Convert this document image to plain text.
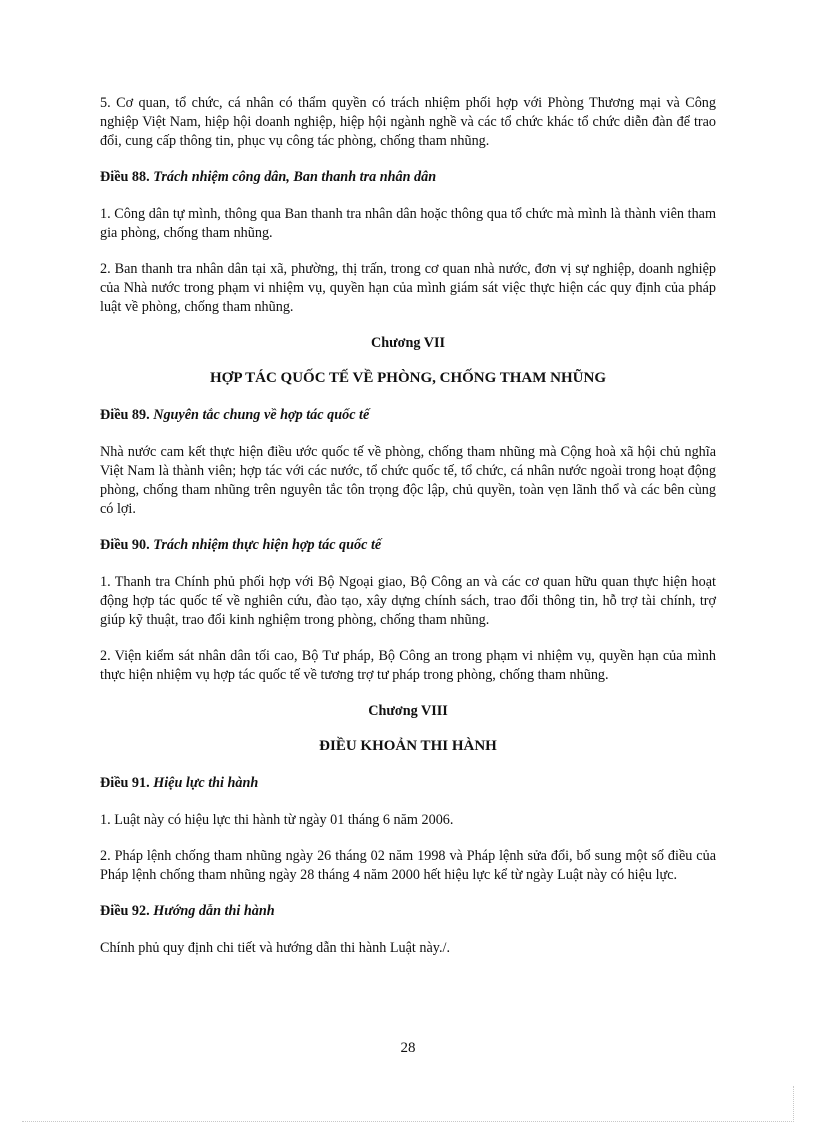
5. Cơ quan, tổ chức, cá nhân có thẩm quyền có trách nhiệm phối hợp với Phòng Thương mại và Công nghiệp Việt Nam, hiệp hội doanh nghiệp, hiệp hội ngành nghề và các tổ chức khác tổ chức diễn đàn để trao đổi, cung cấp thông tin, phục vụ công tác phòng, chống tham nhũng.

Điều 88. Trách nhiệm công dân, Ban thanh tra nhân dân

1. Công dân tự mình, thông qua Ban thanh tra nhân dân hoặc thông qua tổ chức mà mình là thành viên tham gia phòng, chống tham nhũng.

2. Ban thanh tra nhân dân tại xã, phường, thị trấn, trong cơ quan nhà nước, đơn vị sự nghiệp, doanh nghiệp của Nhà nước trong phạm vi nhiệm vụ, quyền hạn của mình giám sát việc thực hiện các quy định của pháp luật về phòng, chống tham nhũng.

Chương VII

HỢP TÁC QUỐC TẾ VỀ PHÒNG, CHỐNG THAM NHŨNG

Điều 89. Nguyên tắc chung về hợp tác quốc tế

Nhà nước cam kết thực hiện điều ước quốc tế về phòng, chống tham nhũng mà Cộng hoà xã hội chủ nghĩa Việt Nam là thành viên; hợp tác với các nước, tổ chức quốc tế, tổ chức, cá nhân nước ngoài trong hoạt động phòng, chống tham nhũng trên nguyên tắc tôn trọng độc lập, chủ quyền, toàn vẹn lãnh thổ và các bên cùng có lợi.

Điều 90. Trách nhiệm thực hiện hợp tác quốc tế

1. Thanh tra Chính phủ phối hợp với Bộ Ngoại giao, Bộ Công an và các cơ quan hữu quan thực hiện hoạt động hợp tác quốc tế về nghiên cứu, đào tạo, xây dựng chính sách, trao đổi thông tin, hỗ trợ tài chính, trợ giúp kỹ thuật, trao đổi kinh nghiệm trong phòng, chống tham nhũng.

2. Viện kiểm sát nhân dân tối cao, Bộ Tư pháp, Bộ Công an trong phạm vi nhiệm vụ, quyền hạn của mình thực hiện nhiệm vụ hợp tác quốc tế về tương trợ tư pháp trong phòng, chống tham nhũng.

Chương VIII

ĐIỀU KHOẢN THI HÀNH

Điều 91. Hiệu lực thi hành

1. Luật này có hiệu lực thi hành từ ngày 01 tháng 6 năm 2006.

2. Pháp lệnh chống tham nhũng ngày 26 tháng 02 năm 1998 và Pháp lệnh sửa đổi, bổ sung một số điều của Pháp lệnh chống tham nhũng ngày 28 tháng 4 năm 2000 hết hiệu lực kể từ ngày Luật này có hiệu lực.

Điều 92. Hướng dẫn thi hành

Chính phủ quy định chi tiết và hướng dẫn thi hành Luật này./.

28
